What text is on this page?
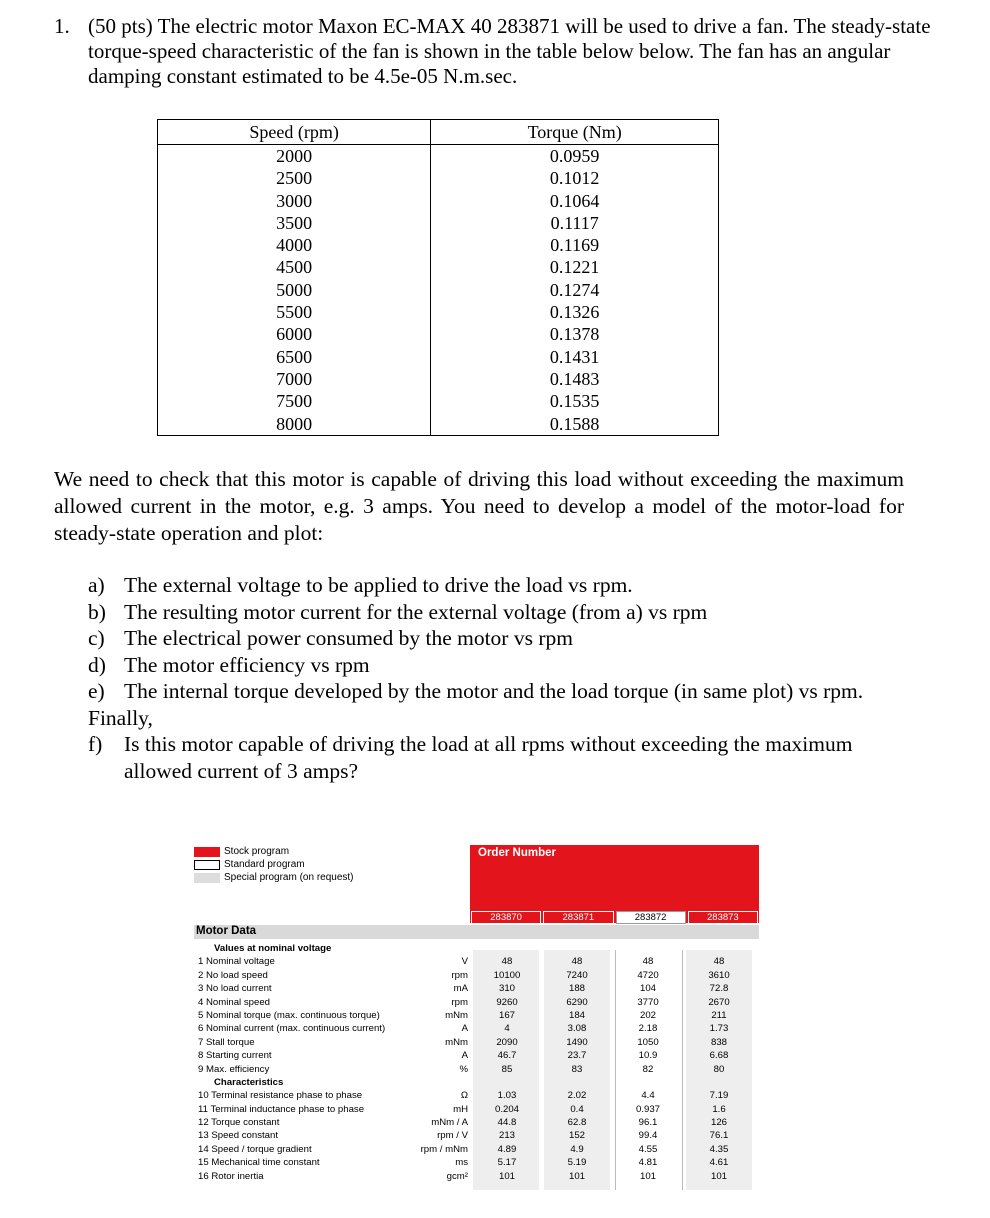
1. (50 pts) The electric motor Maxon EC-MAX 40 283871 will be used to drive a fan. The steady-state torque-speed characteristic of the fan is shown in the table below below. The fan has an angular damping constant estimated to be 4.5e-05 N.m.sec.
Speed (rpm)	Torque (Nm)
2000	0.0959
2500	0.1012
3000	0.1064
3500	0.1117
4000	0.1169
4500	0.1221
5000	0.1274
5500	0.1326
6000	0.1378
6500	0.1431
7000	0.1483
7500	0.1535
8000	0.1588
We need to check that this motor is capable of driving this load without exceeding the maximum allowed current in the motor, e.g. 3 amps. You need to develop a model of the motor-load for steady-state operation and plot:
a) The external voltage to be applied to drive the load vs rpm.
b) The resulting motor current for the external voltage (from a) vs rpm
c) The electrical power consumed by the motor vs rpm
d) The motor efficiency vs rpm
e) The internal torque developed by the motor and the load torque (in same plot) vs rpm.
Finally,
f) Is this motor capable of driving the load at all rpms without exceeding the maximum allowed current of 3 amps?
Stock program
Standard program
Special program (on request)
Order Number
283870	283871	283872	283873
Motor Data
Values at nominal voltage
1 Nominal voltage	V	48	48	48	48
2 No load speed	rpm	10100	7240	4720	3610
3 No load current	mA	310	188	104	72.8
4 Nominal speed	rpm	9260	6290	3770	2670
5 Nominal torque (max. continuous torque)	mNm	167	184	202	211
6 Nominal current (max. continuous current)	A	4	3.08	2.18	1.73
7 Stall torque	mNm	2090	1490	1050	838
8 Starting current	A	46.7	23.7	10.9	6.68
9 Max. efficiency	%	85	83	82	80
Characteristics
10 Terminal resistance phase to phase	Ω	1.03	2.02	4.4	7.19
11 Terminal inductance phase to phase	mH	0.204	0.4	0.937	1.6
12 Torque constant	mNm / A	44.8	62.8	96.1	126
13 Speed constant	rpm / V	213	152	99.4	76.1
14 Speed / torque gradient	rpm / mNm	4.89	4.9	4.55	4.35
15 Mechanical time constant	ms	5.17	5.19	4.81	4.61
16 Rotor inertia	gcm²	101	101	101	101
